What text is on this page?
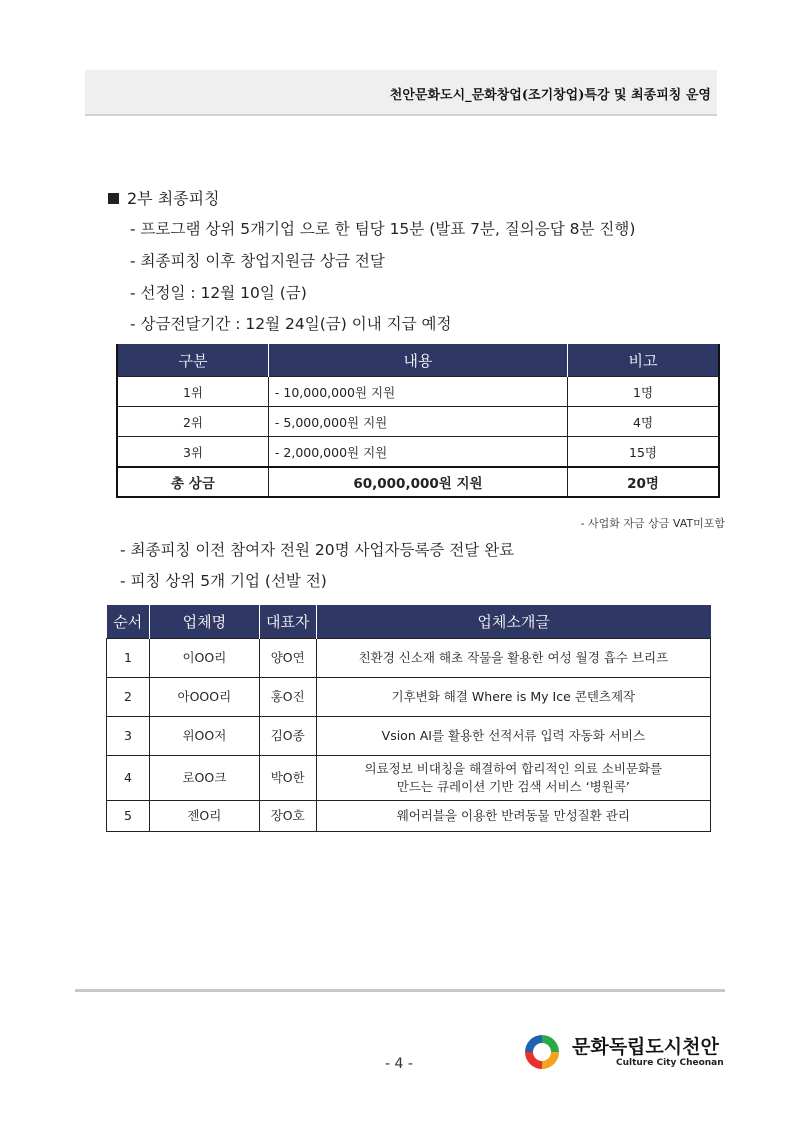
천안문화도시_문화창업(조기창업)특강 및 최종피칭 운영
2부 최종피칭
- 프로그램 상위 5개기업 으로 한 팀당 15분 (발표 7분, 질의응답 8분 진행)
- 최종피칭 이후 창업지원금 상금 전달
- 선정일 : 12월 10일 (금)
- 상금전달기간 : 12월 24일(금) 이내 지급 예정
구분	내용	비고
1위	- 10,000,000원 지원	1명
2위	- 5,000,000원 지원	4명
3위	- 2,000,000원 지원	15명
총 상금	60,000,000원 지원	20명
- 사업화 자금 상금 VAT미포함
- 최종피칭 이전 참여자 전원 20명 사업자등록증 전달 완료
- 피칭 상위 5개 기업 (선발 전)
순서	업체명	대표자	업체소개글
1	이OO리	양O연	친환경 신소재 해초 작물을 활용한 여성 월경 흡수 브리프
2	아OOO리	홍O진	기후변화 해결 Where is My Ice 콘텐츠제작
3	위OO저	김O종	Vsion AI를 활용한 선적서류 입력 자동화 서비스
4	로OO크	박O한	의료정보 비대칭을 해결하여 합리적인 의료 소비문화를
만드는 큐레이션 기반 검색 서비스 ‘병원콕’

5	젠O리	장O호	웨어러블을 이용한 반려동물 만성질환 관리
문화독립도시천안
Culture City Cheonan
- 4 -
